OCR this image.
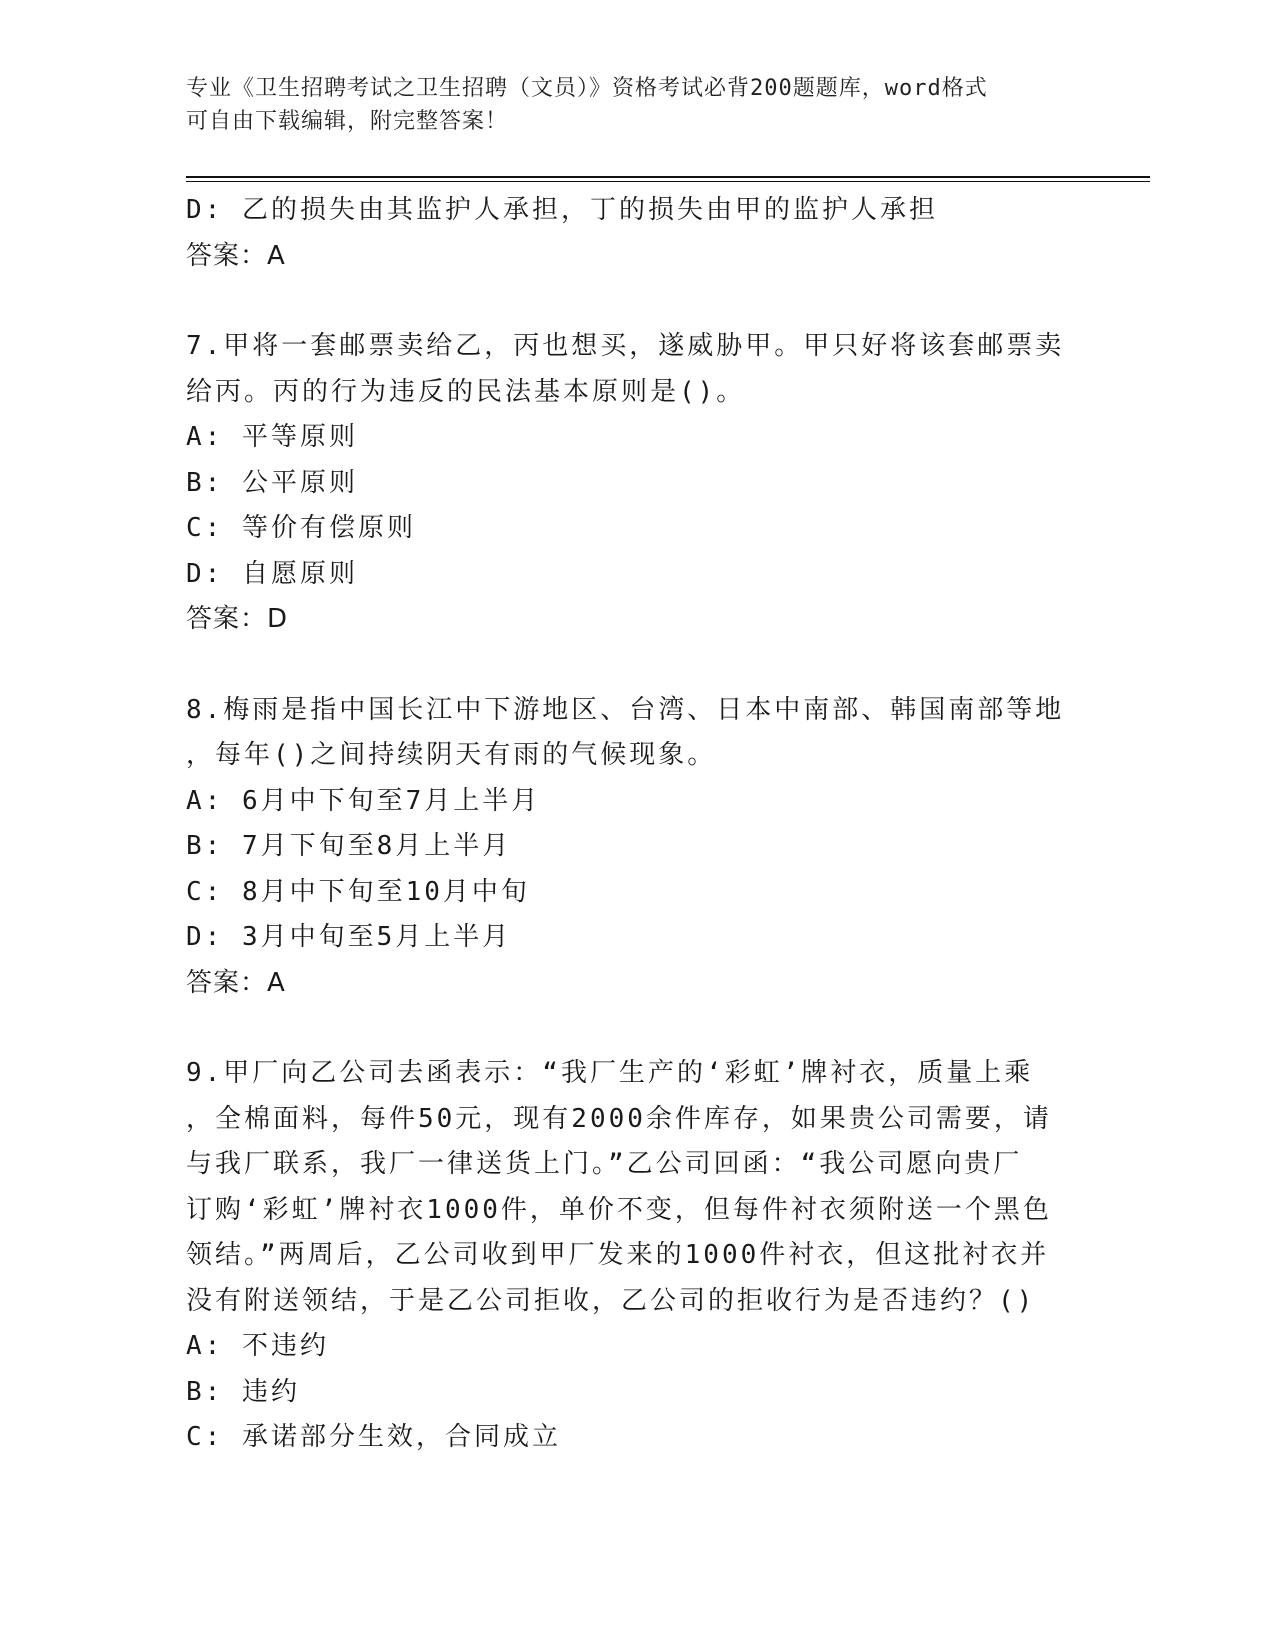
专业《卫生招聘考试之卫生招聘（文员）》资格考试必背200题题库，word格式
可自由下载编辑，附完整答案！
D: 乙的损失由其监护人承担，丁的损失由甲的监护人承担
答案：A
7.甲将一套邮票卖给乙，丙也想买，遂威胁甲。甲只好将该套邮票卖
给丙。丙的行为违反的民法基本原则是()。
A: 平等原则
B: 公平原则
C: 等价有偿原则
D: 自愿原则
答案：D
8.梅雨是指中国长江中下游地区、台湾、日本中南部、韩国南部等地
，每年()之间持续阴天有雨的气候现象。
A: 6月中下旬至7月上半月
B: 7月下旬至8月上半月
C: 8月中下旬至10月中旬
D: 3月中旬至5月上半月
答案：A
9.甲厂向乙公司去函表示：“我厂生产的‘彩虹’牌衬衣，质量上乘
，全棉面料，每件50元，现有2000余件库存，如果贵公司需要，请
与我厂联系，我厂一律送货上门。”乙公司回函：“我公司愿向贵厂
订购‘彩虹’牌衬衣1000件，单价不变，但每件衬衣须附送一个黑色
领结。”两周后，乙公司收到甲厂发来的1000件衬衣，但这批衬衣并
没有附送领结，于是乙公司拒收，乙公司的拒收行为是否违约？()
A: 不违约
B: 违约
C: 承诺部分生效，合同成立
